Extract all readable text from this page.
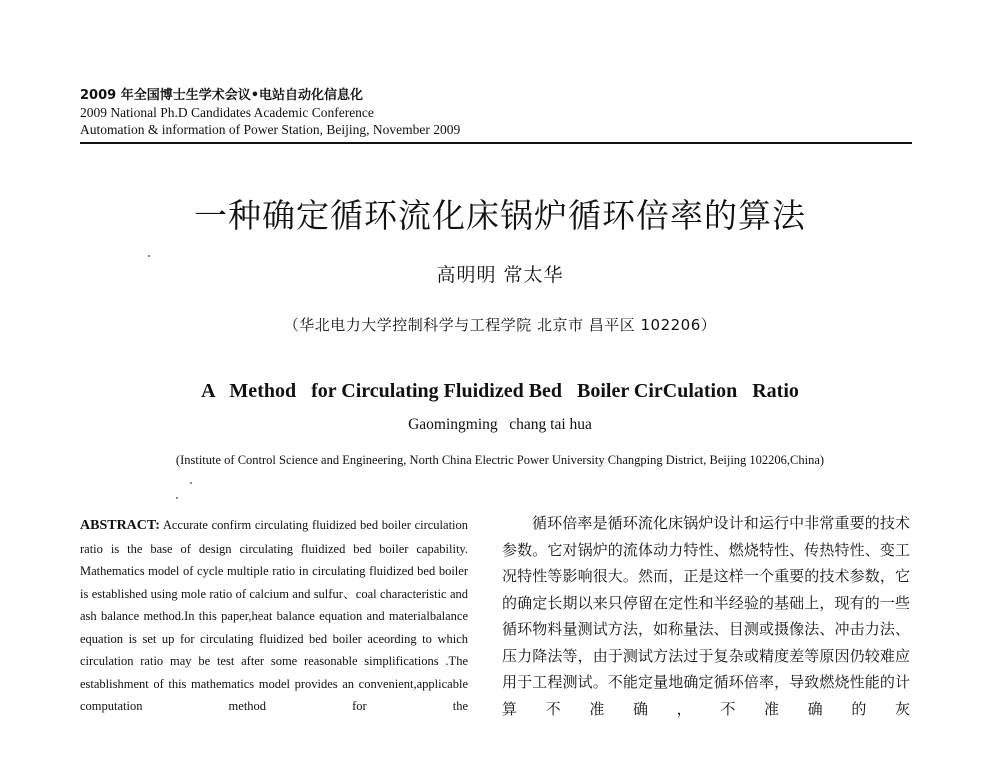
2009 年全国博士生学术会议•电站自动化信息化
2009 National Ph.D Candidates Academic Conference
Automation & information of Power Station, Beijing, November 2009
一种确定循环流化床锅炉循环倍率的算法
高明明 常太华
（华北电力大学控制科学与工程学院 北京市 昌平区 102206）
A   Method   for Circulating Fluidized Bed   Boiler CirCulation   Ratio
Gaomingming   chang tai hua
(Institute of Control Science and Engineering, North China Electric Power University Changping District, Beijing 102206,China)
ABSTRACT: Accurate confirm circulating fluidized bed boiler circulation ratio is the base of design circulating fluidized bed boiler capability. Mathematics model of cycle multiple ratio in circulating fluidized bed boiler is established using mole ratio of calcium and sulfur、coal characteristic and ash balance method.In this paper,heat balance equation and materialbalance equation is set up for circulating fluidized bed boiler aceording to which circulation ratio may be test after some reasonable simplifications .The establishment of this mathematics model provides an convenient,applicable computation method for the

循环倍率是循环流化床锅炉设计和运行中非常重要的技术参数。它对锅炉的流体动力特性、燃烧特性、传热特性、变工况特性等影响很大。然而，正是这样一个重要的技术参数，它的确定长期以来只停留在定性和半经验的基础上，现有的一些循环物料量测试方法，如称量法、目测或摄像法、冲击力法、压力降法等，由于测试方法过于复杂或精度差等原因仍较难应用于工程测试。不能定量地确定循环倍率，导致燃烧性能的计算不准确，不准确的灰
